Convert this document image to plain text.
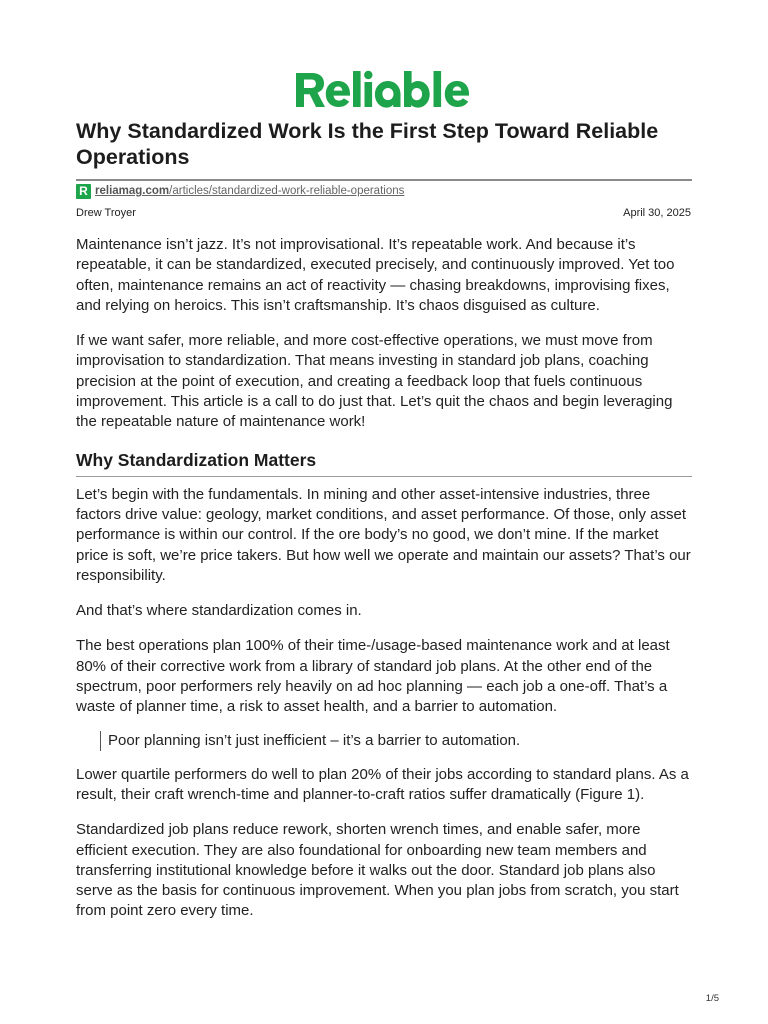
Why Standardized Work Is the First Step Toward Reliable Operations
R reliamag.com/articles/standardized-work-reliable-operations
Drew Troyer	April 30, 2025

Maintenance isn’t jazz. It’s not improvisational. It’s repeatable work. And because it’s repeatable, it can be standardized, executed precisely, and continuously improved. Yet too often, maintenance remains an act of reactivity — chasing breakdowns, improvising fixes, and relying on heroics. This isn’t craftsmanship. It’s chaos disguised as culture.

If we want safer, more reliable, and more cost-effective operations, we must move from improvisation to standardization. That means investing in standard job plans, coaching precision at the point of execution, and creating a feedback loop that fuels continuous improvement. This article is a call to do just that. Let’s quit the chaos and begin leveraging the repeatable nature of maintenance work!

Why Standardization Matters

Let’s begin with the fundamentals. In mining and other asset-intensive industries, three factors drive value: geology, market conditions, and asset performance. Of those, only asset performance is within our control. If the ore body’s no good, we don’t mine. If the market price is soft, we’re price takers. But how well we operate and maintain our assets? That’s our responsibility.

And that’s where standardization comes in.

The best operations plan 100% of their time-/usage-based maintenance work and at least 80% of their corrective work from a library of standard job plans. At the other end of the spectrum, poor performers rely heavily on ad hoc planning — each job a one-off. That’s a waste of planner time, a risk to asset health, and a barrier to automation.

Poor planning isn’t just inefficient – it’s a barrier to automation.

Lower quartile performers do well to plan 20% of their jobs according to standard plans. As a result, their craft wrench-time and planner-to-craft ratios suffer dramatically (Figure 1).

Standardized job plans reduce rework, shorten wrench times, and enable safer, more efficient execution. They are also foundational for onboarding new team members and transferring institutional knowledge before it walks out the door. Standard job plans also serve as the basis for continuous improvement. When you plan jobs from scratch, you start from point zero every time.

1/5
